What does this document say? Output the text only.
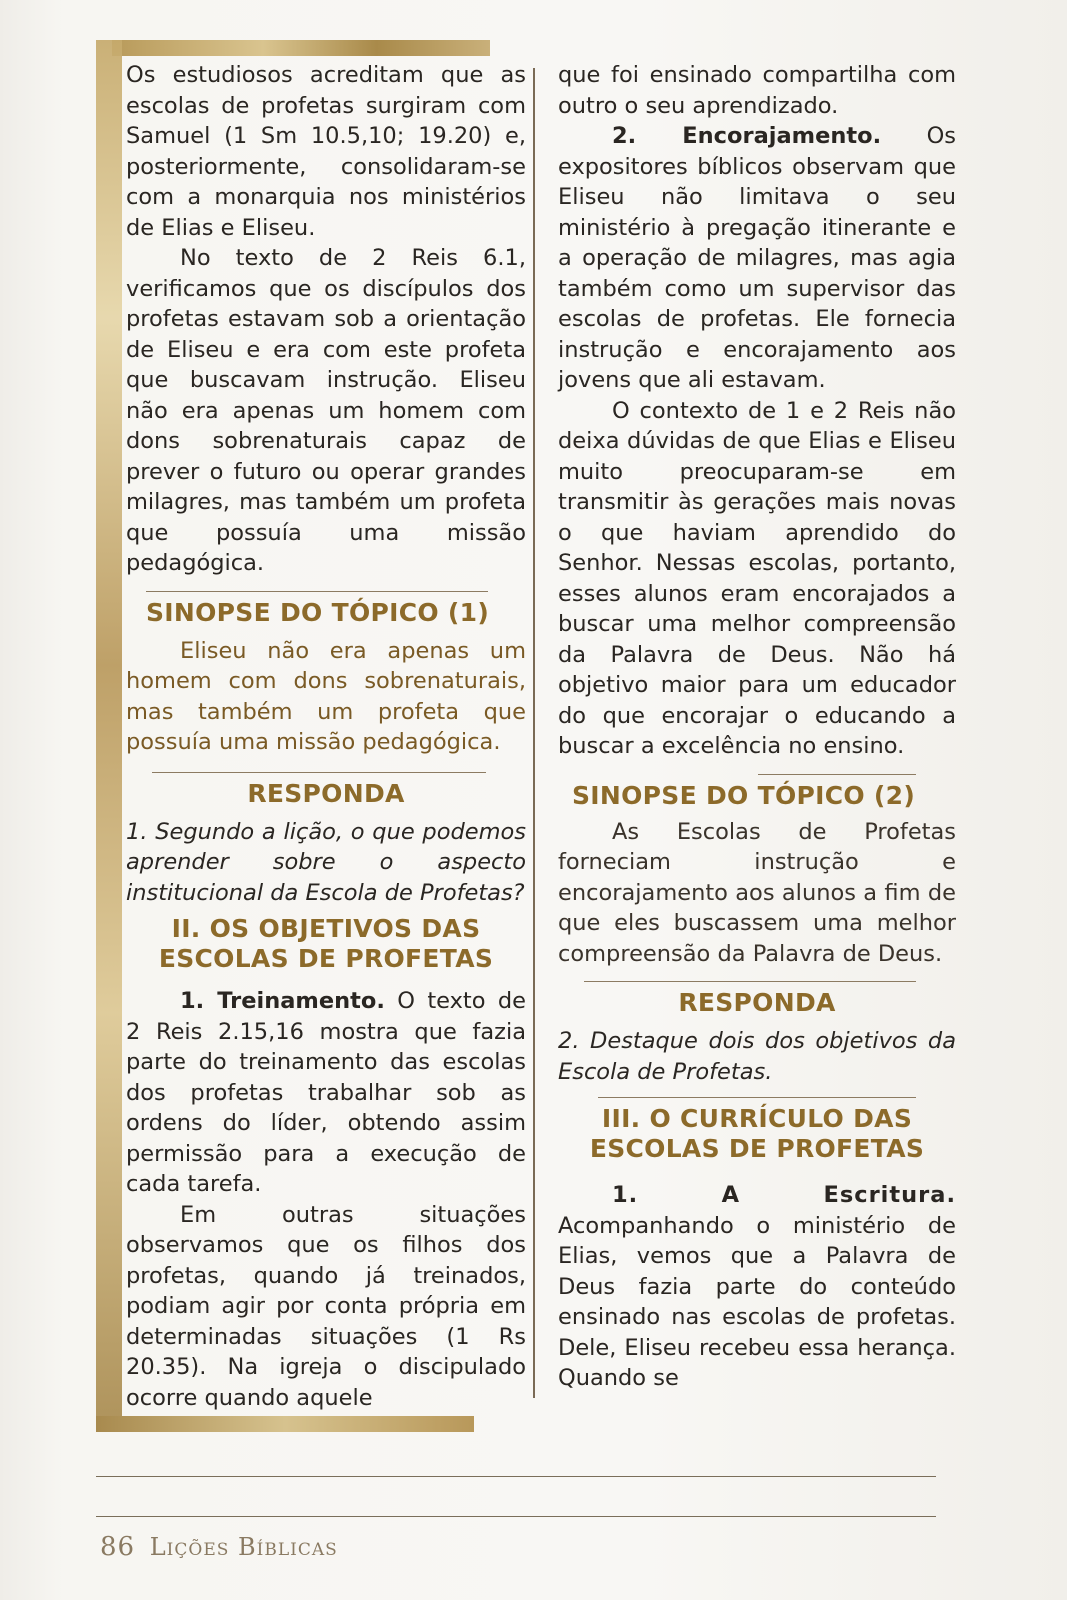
Os estudiosos acreditam que as escolas de profetas surgiram com Samuel (1 Sm 10.5,10; 19.20) e, posteriormente, consolidaram-se com a monarquia nos ministérios de Elias e Eliseu.

No texto de 2 Reis 6.1, verificamos que os discípulos dos profetas estavam sob a orientação de Eliseu e era com este profeta que buscavam instrução. Eliseu não era apenas um homem com dons sobrenaturais capaz de prever o futuro ou operar grandes milagres, mas também um profeta que possuía uma missão pedagógica.

SINOPSE DO TÓPICO (1)

Eliseu não era apenas um homem com dons sobrenaturais, mas também um profeta que possuía uma missão pedagógica.

RESPONDA

1. Segundo a lição, o que podemos aprender sobre o aspecto institucional da Escola de Profetas?

II. OS OBJETIVOS DAS ESCOLAS DE PROFETAS

1. Treinamento. O texto de 2 Reis 2.15,16 mostra que fazia parte do treinamento das escolas dos profetas trabalhar sob as ordens do líder, obtendo assim permissão para a execução de cada tarefa.

Em outras situações observamos que os filhos dos profetas, quando já treinados, podiam agir por conta própria em determinadas situações (1 Rs 20.35). Na igreja o discipulado ocorre quando aquele

que foi ensinado compartilha com outro o seu aprendizado.

2. Encorajamento. Os expositores bíblicos observam que Eliseu não limitava o seu ministério à pregação itinerante e a operação de milagres, mas agia também como um supervisor das escolas de profetas. Ele fornecia instrução e encorajamento aos jovens que ali estavam.

O contexto de 1 e 2 Reis não deixa dúvidas de que Elias e Eliseu muito preocuparam-se em transmitir às gerações mais novas o que haviam aprendido do Senhor. Nessas escolas, portanto, esses alunos eram encorajados a buscar uma melhor compreensão da Palavra de Deus. Não há objetivo maior para um educador do que encorajar o educando a buscar a excelência no ensino.

SINOPSE DO TÓPICO (2)

As Escolas de Profetas forneciam instrução e encorajamento aos alunos a fim de que eles buscassem uma melhor compreensão da Palavra de Deus.

RESPONDA

2. Destaque dois dos objetivos da Escola de Profetas.

III. O CURRÍCULO DAS ESCOLAS DE PROFETAS

1. A Escritura. Acompanhando o ministério de Elias, vemos que a Palavra de Deus fazia parte do conteúdo ensinado nas escolas de profetas. Dele, Eliseu recebeu essa herança. Quando se

86 Lições Bíblicas
